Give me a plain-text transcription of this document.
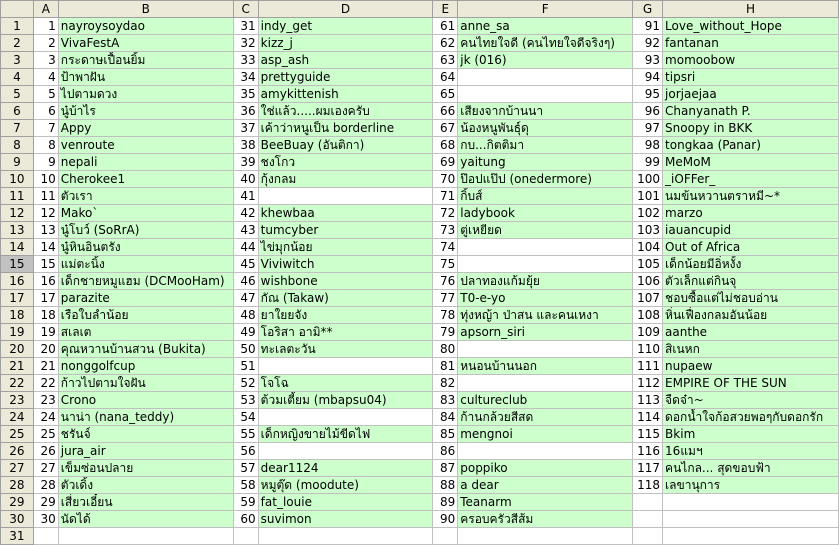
	A	B	C	D	E	F	G	H
1	1	nayroysoydao	31	indy_get	61	anne_sa	91	Love_without_Hope
2	2	VivaFestA	32	kizz_j	62	คนไทยใจดี (คนไทยใจดีจริงๆ)	92	fantanan
3	3	กระดาษเปื้อนยิ้ม	33	asp_ash	63	jk (016)	93	momoobow
4	4	ป้าพาฝัน	34	prettyguide	64		94	tipsri
5	5	ไปตามดวง	35	amykittenish	65		95	jorjaejaa
6	6	นู๋บ้าไร	36	ใช่แล้ว.....ผมเองครับ	66	เสียงจากบ้านนา	96	Chanyanath P.
7	7	Appy	37	เค้าว่าหนูเป็น borderline	67	น้องหนูพันธุ์ดุ	97	Snoopy in BKK
8	8	venroute	38	BeeBuay (อันติกา)	68	กบ...กิตติมา	98	tongkaa (Panar)
9	9	nepali	39	ชงโกว	69	yaitung	99	MeMoM
10	10	Cherokee1	40	กุ้งกลม	70	ป๊อปแป๊ป (onedermore)	100	_iOFFer_
11	11	ตัวเรา	41		71	กิ้บส์	101	นมข้นหวานตราหมี~*
12	12	Mako`	42	khewbaa	72	ladybook	102	marzo
13	13	นู๋โบว์ (SoRrA)	43	tumcyber	73	ตู่เหยียด	103	iauancupid
14	14	นู๋หินอินตรัง	44	ไข่มุกน้อย	74		104	Out of Africa
15	15	แม่ตะนิ้ง	45	Viviwitch	75		105	เด็กน้อยมีอิ่หงั้ง
16	16	เด็กชายหมูแฮม (DCMooHam)	46	wishbone	76	ปลาทองแก้มยุ้ย	106	ตัวเล็กแต่กินจุ
17	17	parazite	47	กัณ (Takaw)	77	T0-e-yo	107	ชอบซื้อแต่ไม่ชอบอ่าน
18	18	เรือใบลำน้อย	48	ยาใยยจัง	78	ทุ่งหญ้า ป่าสน และคนเหงา	108	หิ่นเฟื่องกลมอันน้อย
19	19	สเลเต	49	โอริสา อามิ**	79	apsorn_siri	109	aanthe
20	20	คุณหวานบ้านสวน (Bukita)	50	ทะเลตะวัน	80		110	สิเนหก
21	21	nonggolfcup	51		81	หนอนบ้านนอก	111	nupaew
22	22	ก้าวไปตามใจฝัน	52	โจโฉ	82		112	EMPIRE OF THE SUN
23	23	Crono	53	ต้วมเตี้ยม (mbapsu04)	83	cultureclub	113	จืดจ๋า~
24	24	นาน่า (nana_teddy)	54		84	ก้านกล้วยสีสด	114	ดอกน้ำใจก้อสวยพอๆกับดอกรัก
25	25	ชรันจ์	55	เด็กหญิงขายไม้ขีดไฟ	85	mengnoi	115	Bkim
26	26	jura_air	56		86		116	16แมฯ
27	27	เข็มซ่อนปลาย	57	dear1124	87	poppiko	117	คนไกล... สุดขอบฟ้า
28	28	ตัวเดิ้ง	58	หมูตุ๊ด (moodute)	88	a dear	118	เลขานุการ
29	29	เสี่ยวเอี๋ยน	59	fat_louie	89	Teanarm		
30	30	นัดได้	60	suvimon	90	ครอบครัวสีส้ม		
31								
